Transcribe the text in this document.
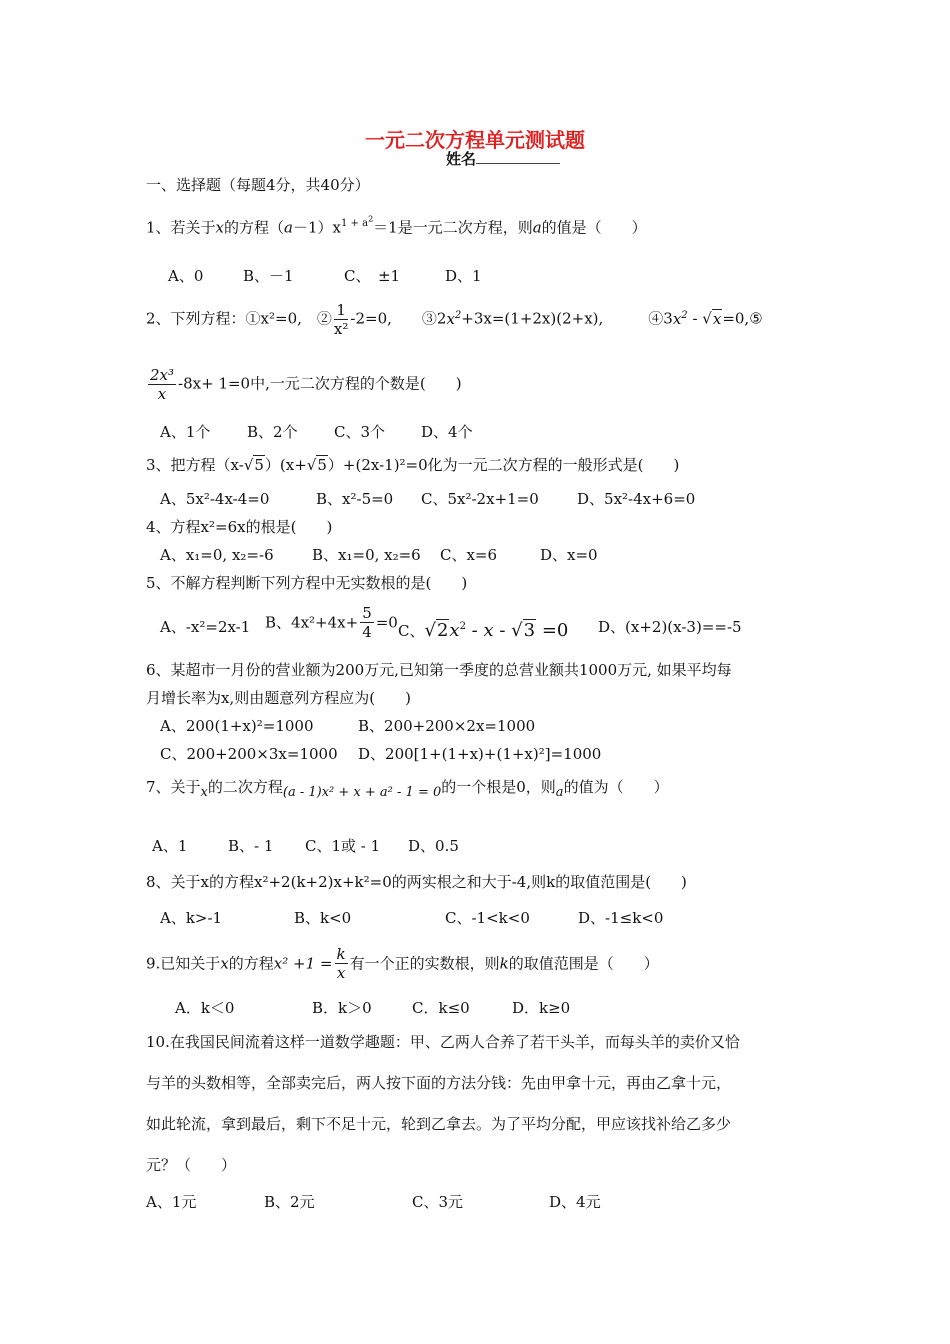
一元二次方程单元测试题
姓名
一、选择题（每题4分，共40分）
1、若关于x的方程$(a-1)x^{1 + a^2}=1$是一元二次方程，则a的值是（　　）
A、0	B、－1	C、　±1	D、1
2、下列方程：①x²=0,　② $\frac{1}{\text{x²}} -2=0$,　　$③2x^2+3x=(1+2x)(2+x)$,　　　$④3x^2$ - √x=0,⑤
$\frac{\text{2x³}}{x} -8x+ 1=0$中,一元二次方程的个数是(　　)
A、1个 B、2个 C、3个 D、4个
3、把方程（x-√5）(x+√5）+(2x-1)²=0化为一元二次方程的一般形式是(　　)
A、5x²-4x-4=0	B、x²-5=0 C、5x²-2x+1=0	D、5x²-4x+6=0
4、方程x²=6x的根是(　　)
A、x₁=0, x₂=-6	B、x₁=0, x₂=6 C、x=6	D、x=0
5、不解方程判断下列方程中无实数根的是(　　)
A、-x²=2x-1 B、$4x^2+4x+ \frac{5}{4} =0$ C、$√2x^2 - x - √3 =0$ D、(x+2)(x-3)==-5
6、某超市一月份的营业额为200万元,已知第一季度的总营业额共1000万元, 如果平均每
月增长率为x,则由题意列方程应为(　　)
A、200(1+x)²=1000	B、200+200×2x=1000
C、200+200×3x=1000 D、200[1+(1+x)+(1+x)²]=1000
7、关于x的二次方程(a - 1)x² + x + a² - 1 = 0的一个根是0，则a的值为（　　）
A、1	B、- 1 C、1或 - 1 D、0.5
8、关于x的方程x²+2(k+2)x+k²=0的两实根之和大于-4,则k的取值范围是(　　)
A、k>-1	B、k<0	C、-1<k<0	D、-1≤k<0
9.已知关于x的方程$x^2 +1 = \frac{k}{x}$ 有一个正的实数根，则k的取值范围是（　　）
A．k＜0	B．k＞0	C．k≤0	D．k≥0
10.在我国民间流着这样一道数学趣题：甲、乙两人合养了若干头羊，而每头羊的卖价又恰
与羊的头数相等，全部卖完后，两人按下面的方法分钱：先由甲拿十元，再由乙拿十元，
如此轮流，拿到最后，剩下不足十元，轮到乙拿去。为了平均分配，甲应该找补给乙多少
元？（　　）
A、1元	B、2元	C、3元	D、4元
